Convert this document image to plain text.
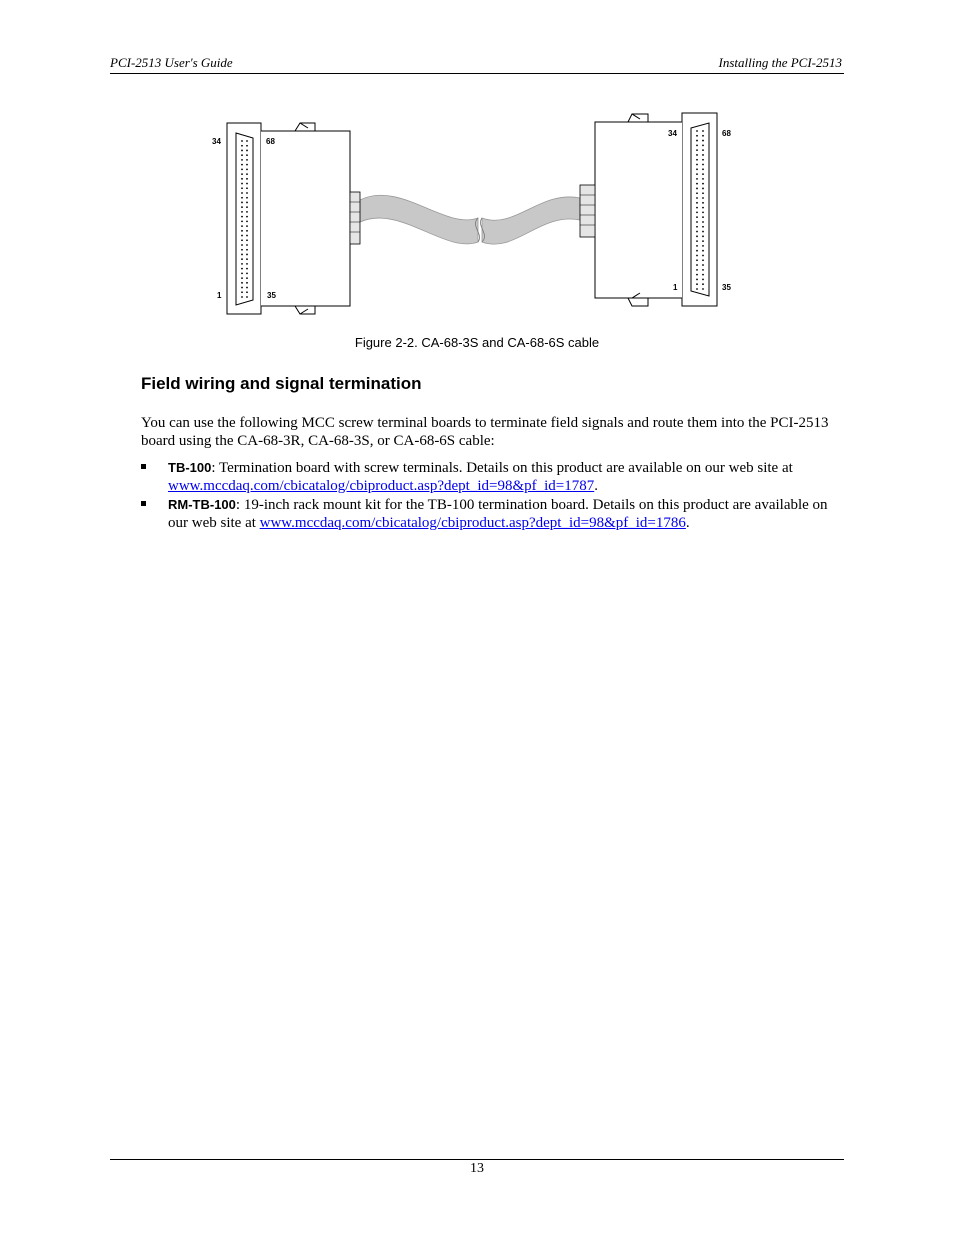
PCI-2513 User's Guide	Installing the PCI-2513
34	68
1	35
34	68
1	35
Figure 2-2. CA-68-3S and CA-68-6S cable
Field wiring and signal termination

You can use the following MCC screw terminal boards to terminate field signals and route them into the PCI-2513 board using the CA-68-3R, CA-68-3S, or CA-68-6S cable:

TB-100: Termination board with screw terminals. Details on this product are available on our web site at www.mccdaq.com/cbicatalog/cbiproduct.asp?dept_id=98&pf_id=1787.
RM-TB-100: 19-inch rack mount kit for the TB-100 termination board. Details on this product are available on our web site at www.mccdaq.com/cbicatalog/cbiproduct.asp?dept_id=98&pf_id=1786.
13
